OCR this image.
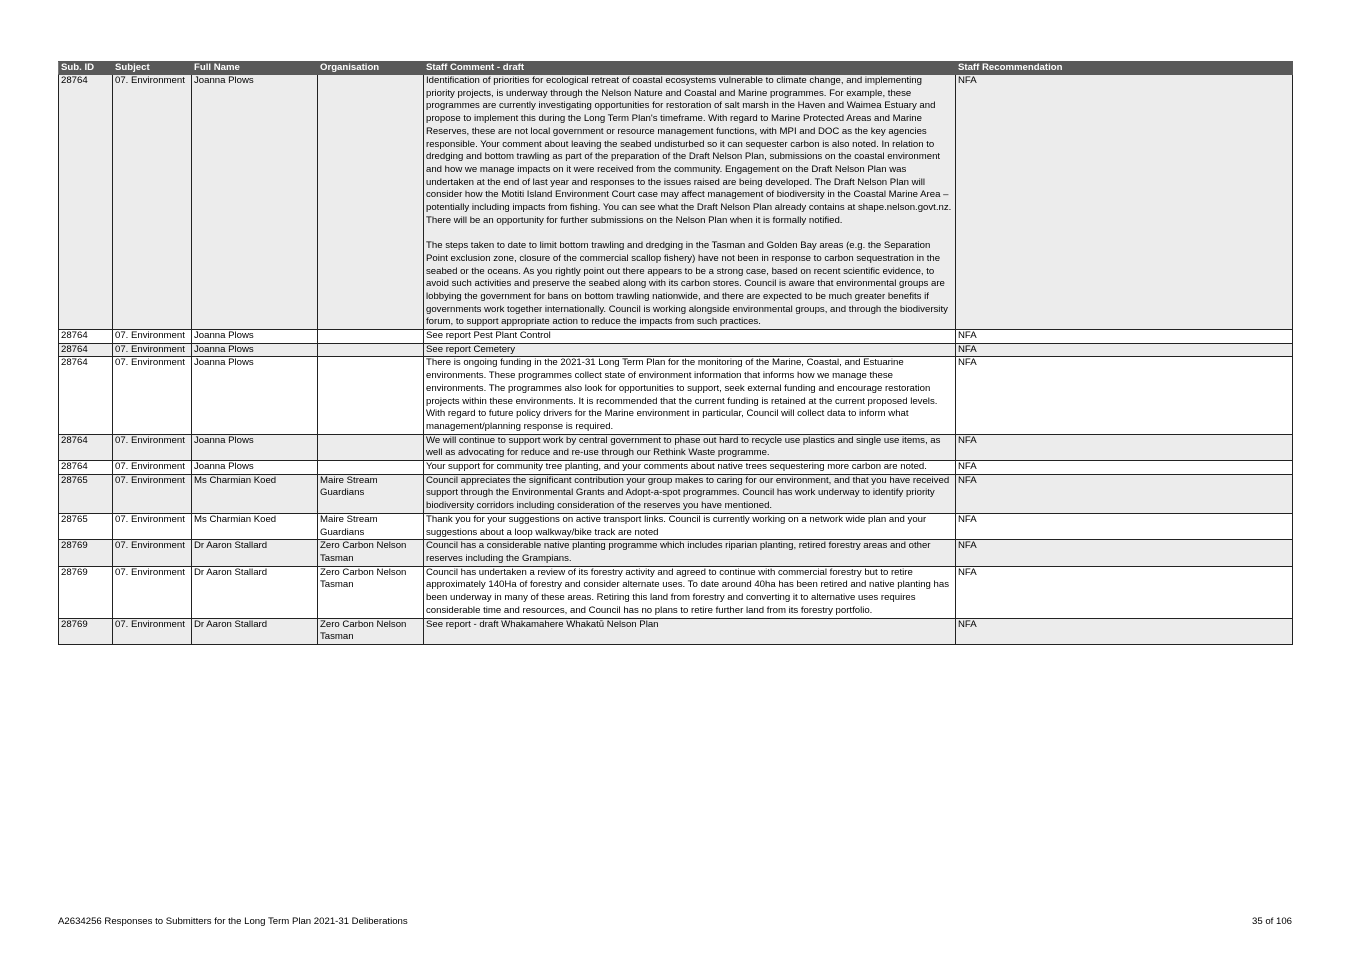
Sub. ID	Subject	Full Name	Organisation	Staff Comment - draft	Staff Recommendation
28764	07. Environment	Joanna Plows		Identification of priorities for ecological retreat of coastal ecosystems vulnerable to climate change, and implementing priority projects, is underway through the Nelson Nature and Coastal and Marine programmes. For example, these programmes are currently investigating opportunities for restoration of salt marsh in the Haven and Waimea Estuary and propose to implement this during the Long Term Plan's timeframe. With regard to Marine Protected Areas and Marine Reserves, these are not local government or resource management functions, with MPI and DOC as the key agencies responsible. Your comment about leaving the seabed undisturbed so it can sequester carbon is also noted. In relation to dredging and bottom trawling as part of the preparation of the Draft Nelson Plan, submissions on the coastal environment and how we manage impacts on it were received from the community. Engagement on the Draft Nelson Plan was undertaken at the end of last year and responses to the issues raised are being developed. The Draft Nelson Plan will consider how the Motiti Island Environment Court case may affect management of biodiversity in the Coastal Marine Area – potentially including impacts from fishing. You can see what the Draft Nelson Plan already contains at shape.nelson.govt.nz. There will be an opportunity for further submissions on the Nelson Plan when it is formally notified.
The steps taken to date to limit bottom trawling and dredging in the Tasman and Golden Bay areas (e.g. the Separation Point exclusion zone, closure of the commercial scallop fishery) have not been in response to carbon sequestration in the seabed or the oceans. As you rightly point out there appears to be a strong case, based on recent scientific evidence, to avoid such activities and preserve the seabed along with its carbon stores. Council is aware that environmental groups are lobbying the government for bans on bottom trawling nationwide, and there are expected to be much greater benefits if governments work together internationally. Council is working alongside environmental groups, and through the biodiversity forum, to support appropriate action to reduce the impacts from such practices.	NFA
28764	07. Environment	Joanna Plows		See report Pest Plant Control	NFA
28764	07. Environment	Joanna Plows		See report Cemetery	NFA
28764	07. Environment	Joanna Plows		There is ongoing funding in the 2021-31 Long Term Plan for the monitoring of the Marine, Coastal, and Estuarine environments. These programmes collect state of environment information that informs how we manage these environments. The programmes also look for opportunities to support, seek external funding and encourage restoration projects within these environments. It is recommended that the current funding is retained at the current proposed levels. With regard to future policy drivers for the Marine environment in particular, Council will collect data to inform what management/planning response is required.	NFA
28764	07. Environment	Joanna Plows		We will continue to support work by central government to phase out hard to recycle use plastics and single use items, as well as advocating for reduce and re-use through our Rethink Waste programme.	NFA
28764	07. Environment	Joanna Plows		Your support for community tree planting, and your comments about native trees sequestering more carbon are noted.	NFA
28765	07. Environment	Ms Charmian Koed	Maire Stream Guardians	Council appreciates the significant contribution your group makes to caring for our environment, and that you have received support through the Environmental Grants and Adopt-a-spot programmes. Council has work underway to identify priority biodiversity corridors including consideration of the reserves you have mentioned.	NFA
28765	07. Environment	Ms Charmian Koed	Maire Stream Guardians	Thank you for your suggestions on active transport links. Council is currently working on a network wide plan and your suggestions about a loop walkway/bike track are noted	NFA
28769	07. Environment	Dr Aaron Stallard	Zero Carbon Nelson Tasman	Council has a considerable native planting programme which includes riparian planting, retired forestry areas and other reserves including the Grampians.	NFA
28769	07. Environment	Dr Aaron Stallard	Zero Carbon Nelson Tasman	Council has undertaken a review of its forestry activity and agreed to continue with commercial forestry but to retire approximately 140Ha of forestry and consider alternate uses. To date around 40ha has been retired and native planting has been underway in many of these areas. Retiring this land from forestry and converting it to alternative uses requires considerable time and resources, and Council has no plans to retire further land from its forestry portfolio.	NFA
28769	07. Environment	Dr Aaron Stallard	Zero Carbon Nelson Tasman	See report - draft Whakamahere Whakatū Nelson Plan	NFA
A2634256 Responses to Submitters for the Long Term Plan 2021-31 Deliberations	35 of 106
